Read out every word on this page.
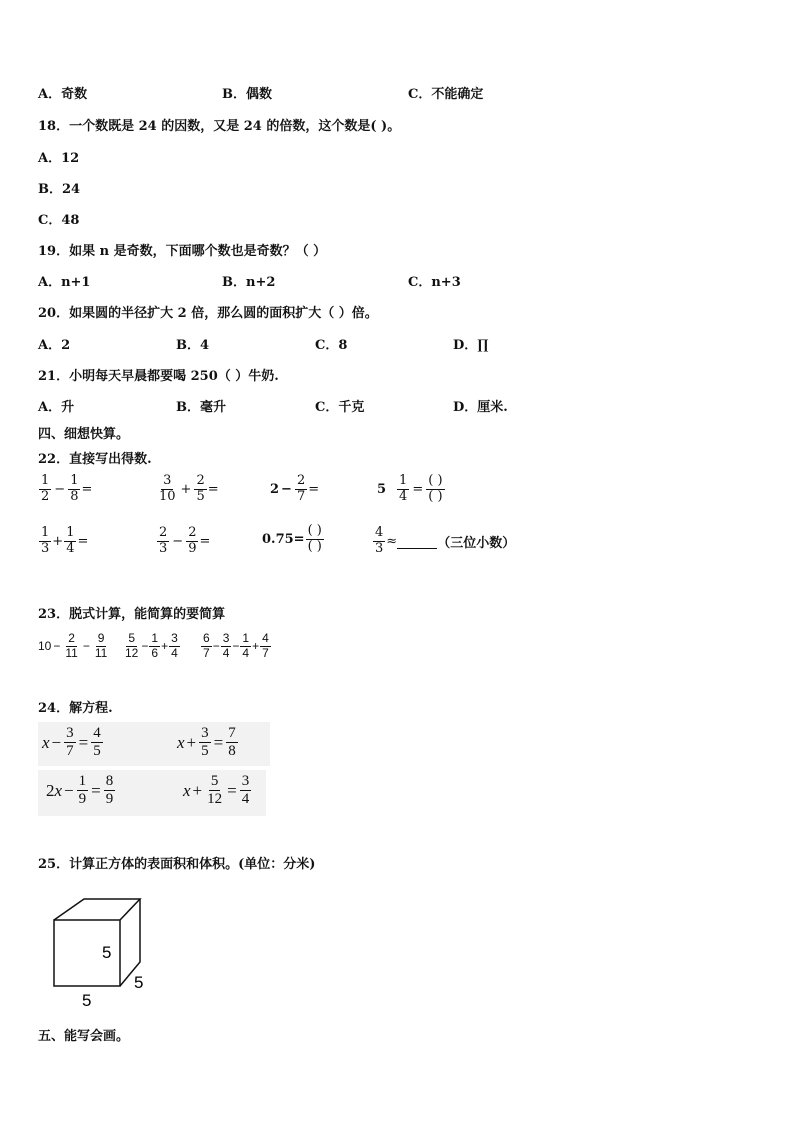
A．奇数	B．偶数	C．不能确定
18．一个数既是 24 的因数，又是 24 的倍数，这个数是( )。
A．12
B．24
C．48
19．如果 n 是奇数，下面哪个数也是奇数？（ ）
A．n+1	B．n+2	C．n+3
20．如果圆的半径扩大 2 倍，那么圆的面积扩大（ ）倍。
A．2	B．4	C．8	D．∏
21．小明每天早晨都要喝 250（ ）牛奶.
A．升	B．毫升	C．千克	D．厘米.
四、细想快算。
22．直接写出得数.
$\frac{1}{2} - \frac{1}{8}$ =	$\frac{3}{10} + \frac{2}{5}$ =	$2 - \frac{2}{7}$ =	$5 \frac{1}{4} = \frac{( )}{( )}$
$\frac{1}{3} + \frac{1}{4}$ =	$\frac{2}{3} - \frac{2}{9}$ =	$0.75= \frac{( )}{( )}$	$\frac{4}{3}$ ≈	（三位小数）
23．脱式计算，能简算的要简算
$10 - \frac{2}{11} - \frac{9}{11} \frac{5}{12} - \frac{1}{6} + \frac{3}{4} \frac{6}{7} - \frac{3}{4} - \frac{1}{4} + \frac{4}{7}$
24．解方程.
$x - \frac{3}{7} = \frac{4}{5}$	$x + \frac{3}{5} = \frac{7}{8}$
2 $x - \frac{1}{9} = \frac{8}{9}$	$x + \frac{5}{12} = \frac{3}{4}$
25．计算正方体的表面积和体积。(单位：分米)
5
5
5
五、能写会画。
